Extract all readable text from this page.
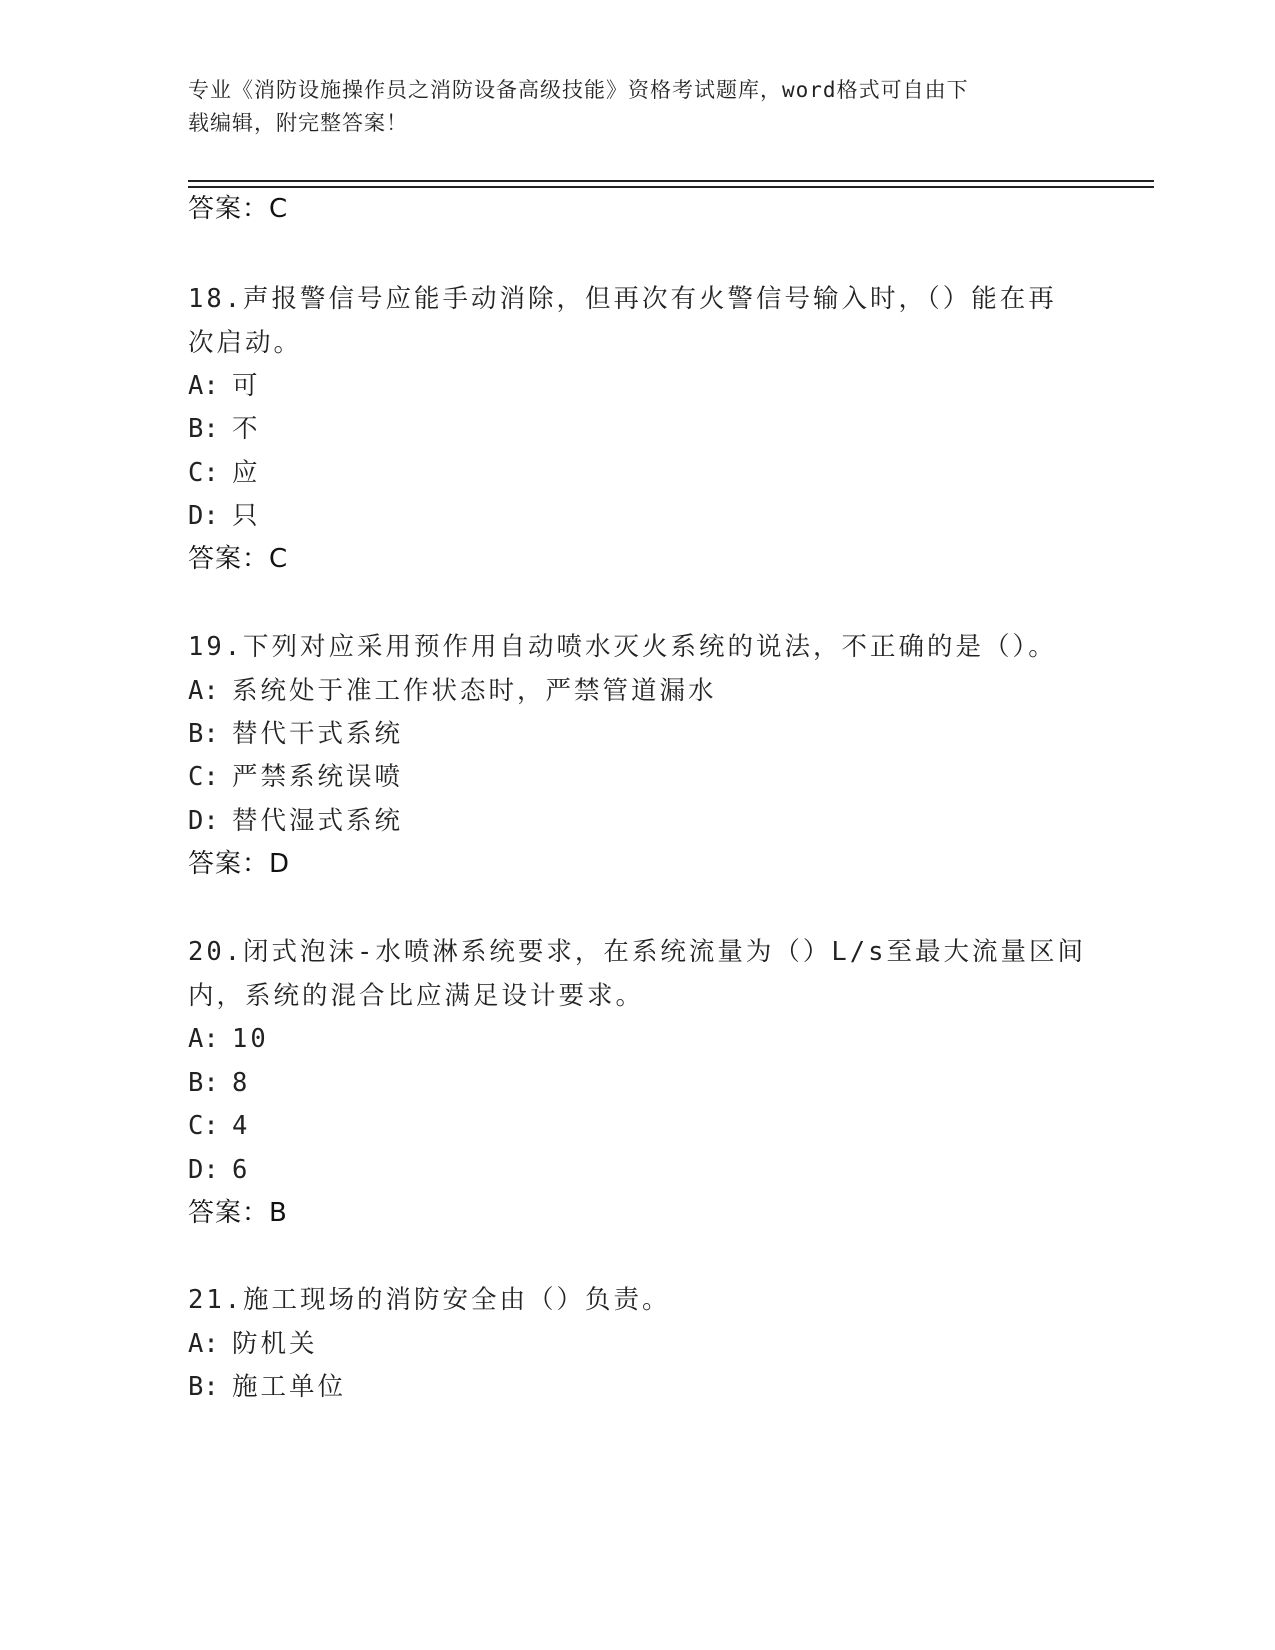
专业《消防设施操作员之消防设备高级技能》资格考试题库，word格式可自由下
载编辑，附完整答案！
答案：C
18.声报警信号应能手动消除，但再次有火警信号输入时，（）能在再
次启动。
A: 可
B: 不
C: 应
D: 只
答案：C
19.下列对应采用预作用自动喷水灭火系统的说法，不正确的是（）。
A: 系统处于准工作状态时，严禁管道漏水
B: 替代干式系统
C: 严禁系统误喷
D: 替代湿式系统
答案：D
20.闭式泡沫-水喷淋系统要求，在系统流量为（）L/s至最大流量区间
内，系统的混合比应满足设计要求。
A: 10
B: 8
C: 4
D: 6
答案：B
21.施工现场的消防安全由（）负责。
A: 防机关
B: 施工单位
